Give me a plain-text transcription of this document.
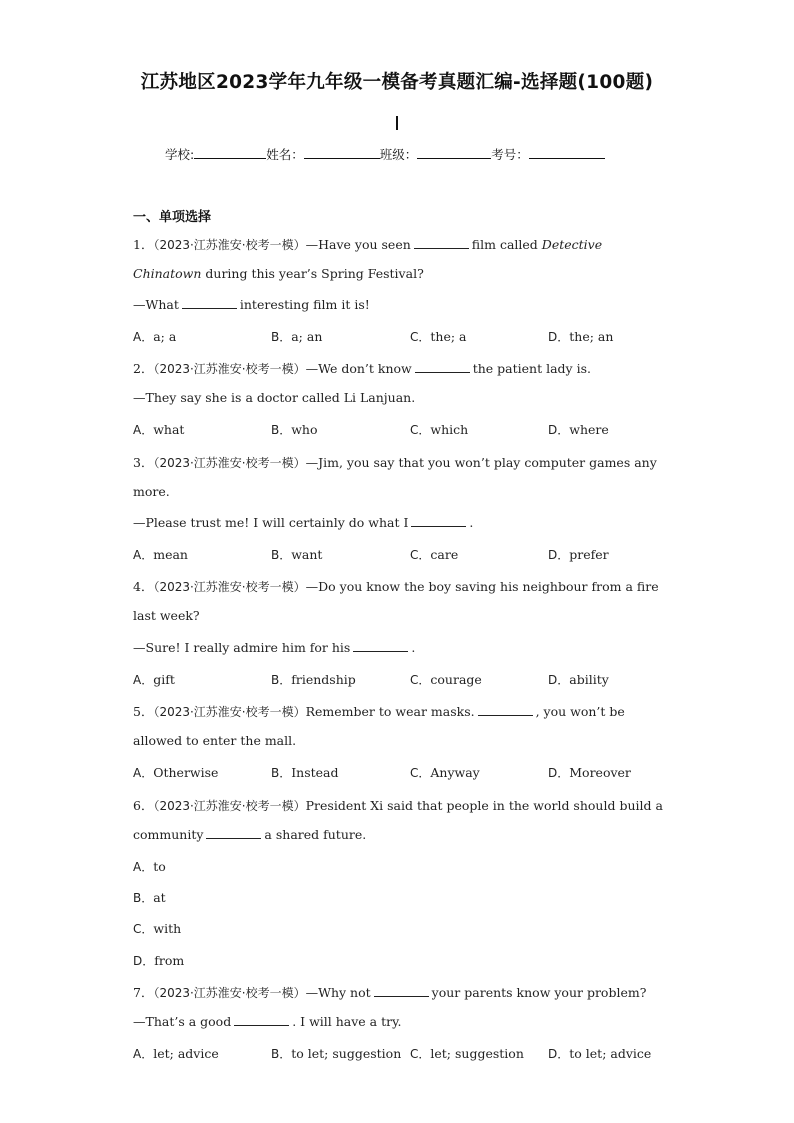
江苏地区2023学年九年级一模备考真题汇编-选择题(100题)
学校:	姓名：	班级：	考号：
一、单项选择
1．（2023·江苏淮安·校考一模）—Have you seen	film called Detective
Chinatown during this year’s Spring Festival?
—What	interesting film it is!
A．a; a	B．a; an	C．the; a	D．the; an
2．（2023·江苏淮安·校考一模）—We don’t know	the patient lady is.
—They say she is a doctor called Li Lanjuan.
A．what	B．who	C．which	D．where
3．（2023·江苏淮安·校考一模）—Jim, you say that you won’t play computer games any
more.
—Please trust me! I will certainly do what I	.
A．mean	B．want	C．care	D．prefer
4．（2023·江苏淮安·校考一模）—Do you know the boy saving his neighbour from a fire
last week?
—Sure! I really admire him for his	.
A．gift	B．friendship	C．courage	D．ability
5．（2023·江苏淮安·校考一模）Remember to wear masks.	, you won’t be
allowed to enter the mall.
A．Otherwise	B．Instead	C．Anyway	D．Moreover
6．（2023·江苏淮安·校考一模）President Xi said that people in the world should build a
community	a shared future.
A．to
B．at
C．with
D．from
7．（2023·江苏淮安·校考一模）—Why not	your parents know your problem?
—That’s a good	. I will have a try.
A．let; advice	B．to let; suggestion C．let; suggestion D．to let; advice
